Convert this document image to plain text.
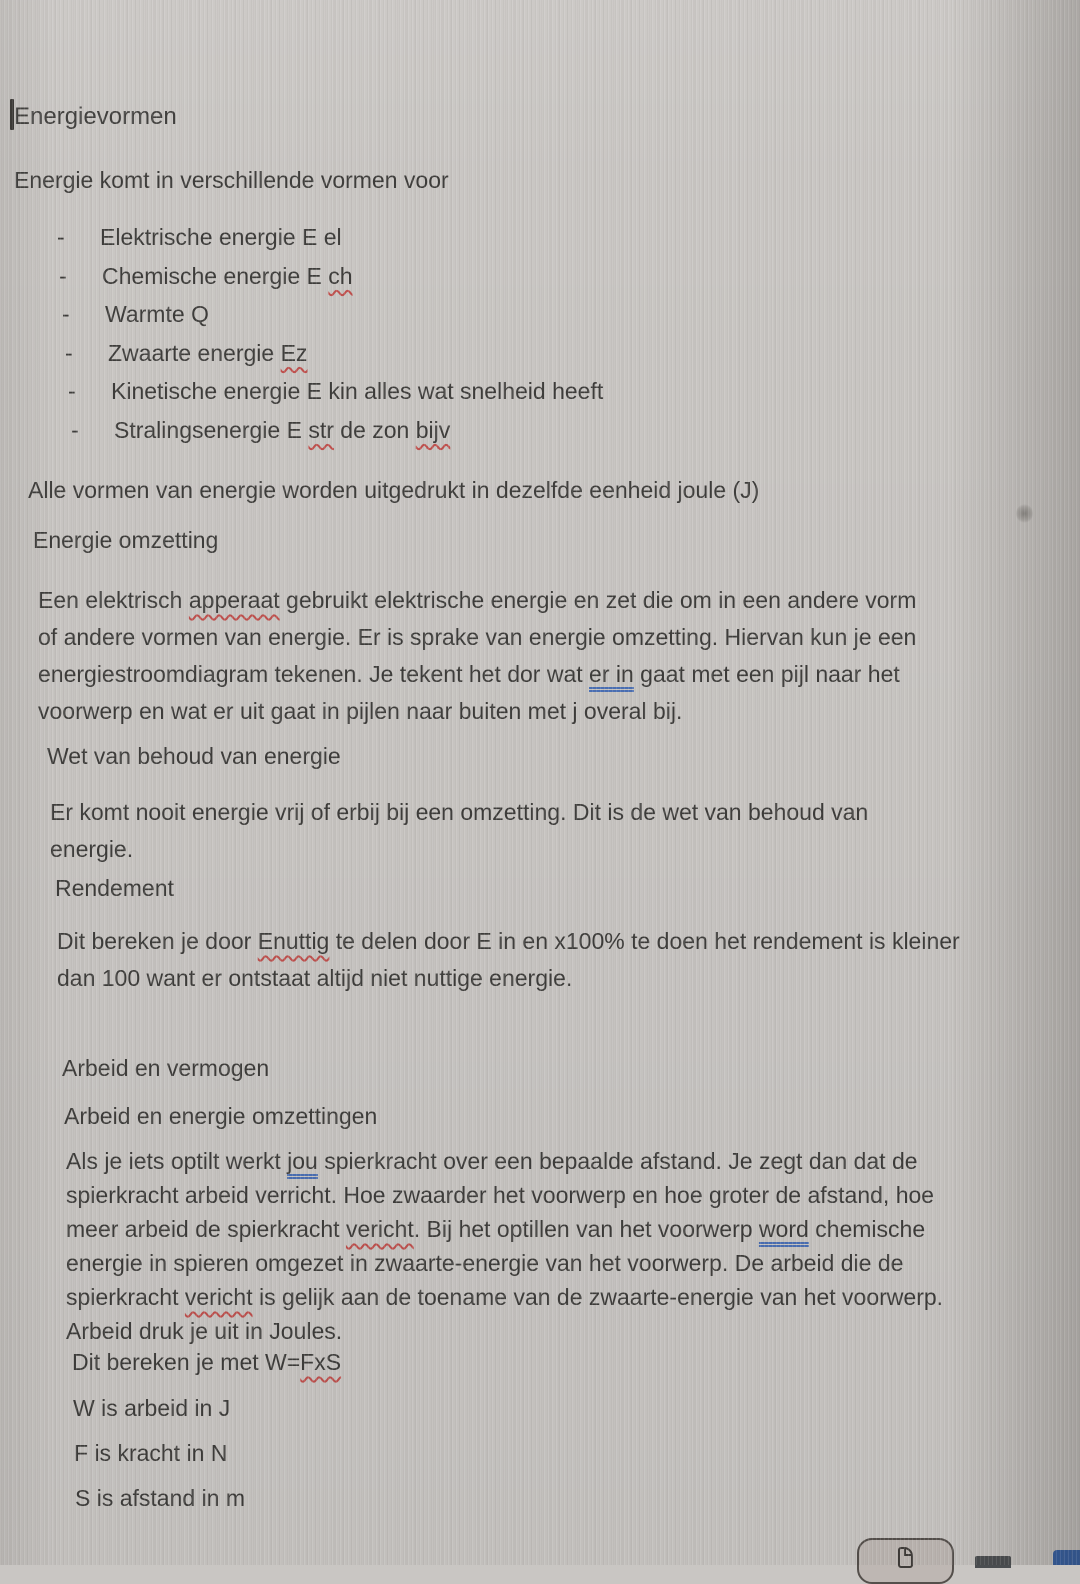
Energievormen
Energie komt in verschillende vormen voor
-	Elektrische energie E el
-	Chemische energie E ch
-	Warmte Q
-	Zwaarte energie Ez
-	Kinetische energie E kin alles wat snelheid heeft
-	Stralingsenergie E str de zon bijv
Alle vormen van energie worden uitgedrukt in dezelfde eenheid joule (J)
Energie omzetting
Een elektrisch apperaat gebruikt elektrische energie en zet die om in een andere vorm
of andere vormen van energie. Er is sprake van energie omzetting. Hiervan kun je een
energiestroomdiagram tekenen. Je tekent het dor wat er in gaat met een pijl naar het
voorwerp en wat er uit gaat in pijlen naar buiten met j overal bij.
Wet van behoud van energie
Er komt nooit energie vrij of erbij bij een omzetting. Dit is de wet van behoud van
energie.
Rendement
Dit bereken je door Enuttig te delen door E in en x100% te doen het rendement is kleiner
dan 100 want er ontstaat altijd niet nuttige energie.
Arbeid en vermogen
Arbeid en energie omzettingen
Als je iets optilt werkt jou spierkracht over een bepaalde afstand. Je zegt dan dat de
spierkracht arbeid verricht. Hoe zwaarder het voorwerp en hoe groter de afstand, hoe
meer arbeid de spierkracht vericht. Bij het optillen van het voorwerp word chemische
energie in spieren omgezet in zwaarte-energie van het voorwerp. De arbeid die de
spierkracht vericht is gelijk aan de toename van de zwaarte-energie van het voorwerp.
Arbeid druk je uit in Joules.
Dit bereken je met W=FxS
W is arbeid in J
F is kracht in N
S is afstand in m
